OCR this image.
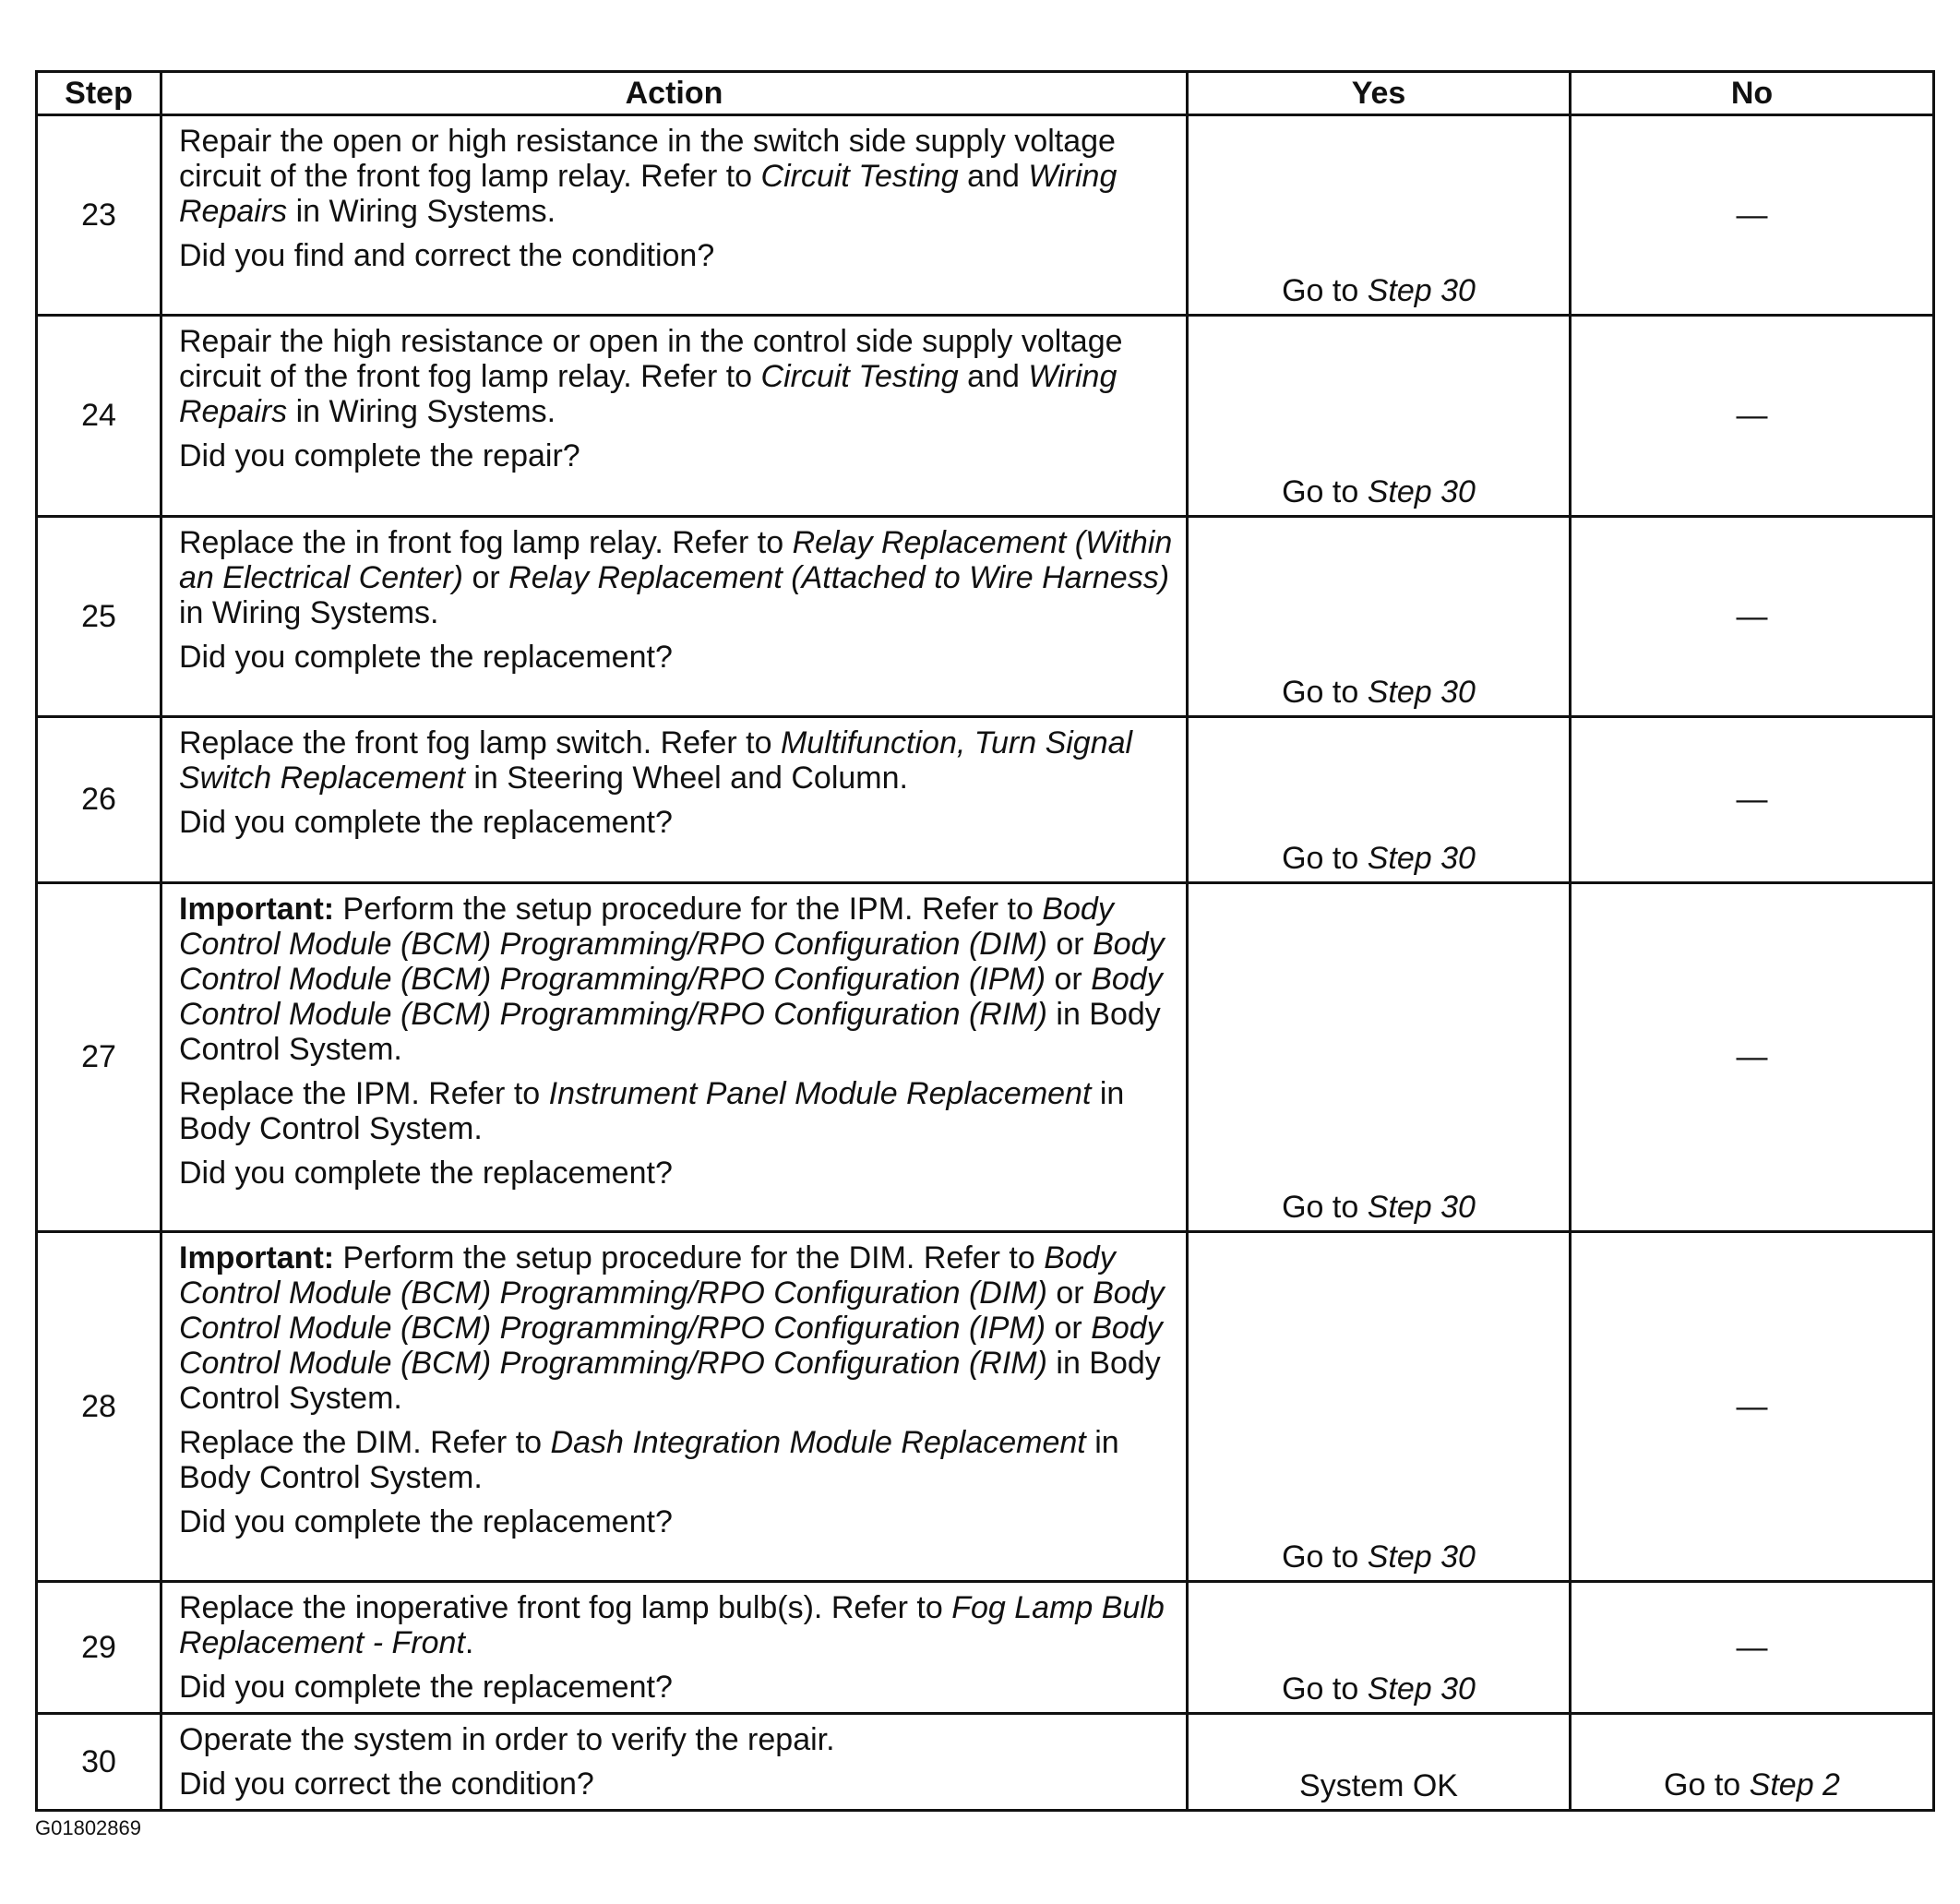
Step	Action	Yes	No
23	Repair the open or high resistance in the switch side supply voltage circuit of the front fog lamp relay. Refer to Circuit Testing and Wiring Repairs in Wiring Systems.

Did you find and correct the condition?	Go to Step 30	—
24	Repair the high resistance or open in the control side supply voltage circuit of the front fog lamp relay. Refer to Circuit Testing and Wiring Repairs in Wiring Systems.

Did you complete the repair?	Go to Step 30	—
25	Replace the in front fog lamp relay. Refer to Relay Replacement (Within an Electrical Center) or Relay Replacement (Attached to Wire Harness) in Wiring Systems.

Did you complete the replacement?	Go to Step 30	—
26	Replace the front fog lamp switch. Refer to Multifunction, Turn Signal Switch Replacement in Steering Wheel and Column.

Did you complete the replacement?	Go to Step 30	—
27	Important: Perform the setup procedure for the IPM. Refer to Body Control Module (BCM) Programming/RPO Configuration (DIM) or Body Control Module (BCM) Programming/RPO Configuration (IPM) or Body Control Module (BCM) Programming/RPO Configuration (RIM) in Body Control System.

Replace the IPM. Refer to Instrument Panel Module Replacement in Body Control System.

Did you complete the replacement?	Go to Step 30	—
28	Important: Perform the setup procedure for the DIM. Refer to Body Control Module (BCM) Programming/RPO Configuration (DIM) or Body Control Module (BCM) Programming/RPO Configuration (IPM) or Body Control Module (BCM) Programming/RPO Configuration (RIM) in Body Control System.

Replace the DIM. Refer to Dash Integration Module Replacement in Body Control System.

Did you complete the replacement?	Go to Step 30	—
29	Replace the inoperative front fog lamp bulb(s). Refer to Fog Lamp Bulb Replacement - Front.

Did you complete the replacement?	Go to Step 30	—
30	Operate the system in order to verify the repair.

Did you correct the condition?	System OK	Go to Step 2
G01802869
